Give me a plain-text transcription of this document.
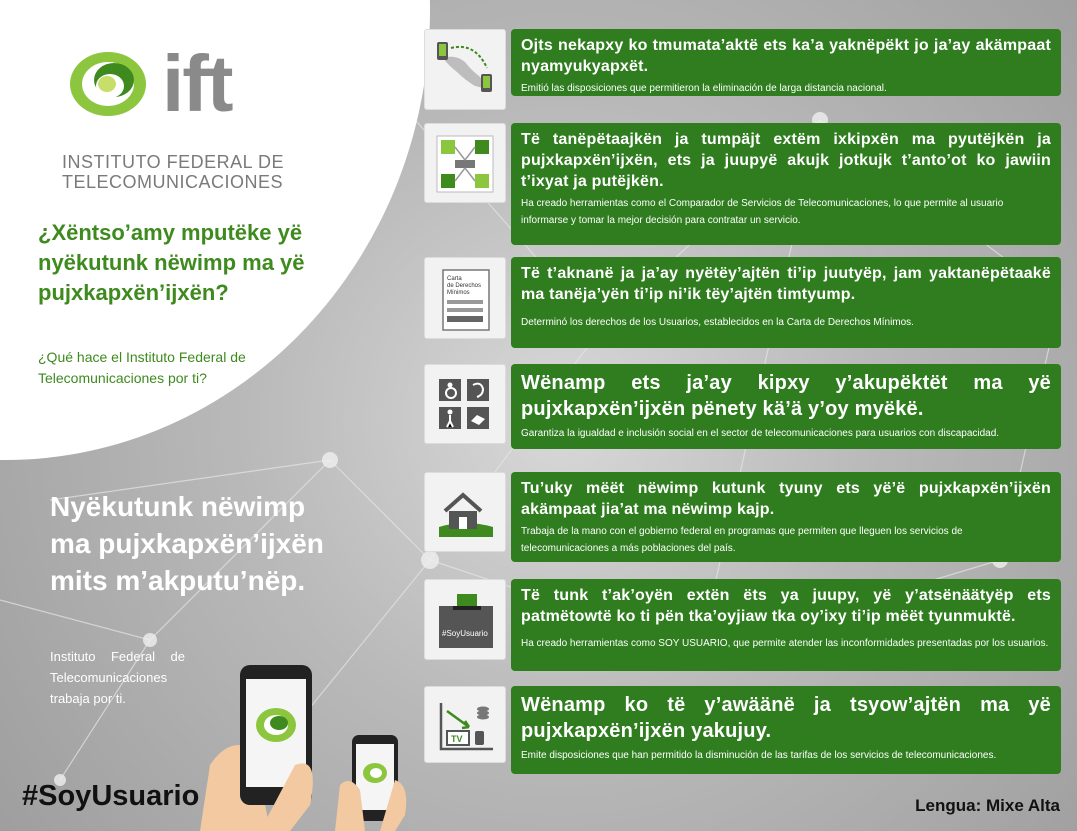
ift
INSTITUTO FEDERAL DE
TELECOMUNICACIONES
¿Xëntso’amy mputëke yë nyëkutunk nëwimp ma yë pujxkapxën’ijxën?
¿Qué hace el Instituto Federal de Telecomunicaciones por ti?
Nyëkutunk nëwimp ma pujxkapxën’ijxën mits m’akputu’nëp.
Instituto Federal de Telecomunicaciones trabaja por ti.
#SoyUsuario	Lengua: Mixe Alta
Ojts nekapxy ko tmumata’aktë ets ka’a yaknëpëkt jo ja’ay akämpaat nyamyukyapxët.
Emitió las disposiciones que permitieron la eliminación de larga distancia nacional.
Të tanëpëtaajkën ja tumpäjt extëm ixkipxën ma pyutëjkën ja pujxkapxën’ijxën, ets ja juupyë akujk jotkujk t’anto’ot ko jawiin t’ixyat ja putëjkën.
Ha creado herramientas como el Comparador de Servicios de Telecomunicaciones, lo que permite al usuario informarse y tomar la mejor decisión para contratar un servicio.
Carta
de Derechos
Mínimos
Të t’aknanë ja ja’ay nyëtëy’ajtën ti’ip juutyëp, jam yaktanëpëtaakë ma tanëja’yën ti’ip ni’ik tëy’ajtën timtyump.
Determinó los derechos de los Usuarios, establecidos en la Carta de Derechos Mínimos.
Wënamp ets ja’ay kipxy y’akupëktët ma yë pujxkapxën’ijxën pënety kä’ä y’oy myëkë.
Garantiza la igualdad e inclusión social en el sector de telecomunicaciones para usuarios con discapacidad.
Tu’uky mëët nëwimp kutunk tyuny ets yë’ë pujxkapxën’ijxën akämpaat jia’at ma nëwimp kajp.
Trabaja de la mano con el gobierno federal en programas que permiten que lleguen los servicios de telecomunicaciones a más poblaciones del país.
#SoyUsuario
Të tunk t’ak’oyën extën ëts ya juupy, yë y’atsënäätyëp ets patmëtowtë ko ti pën tka’oyjiaw tka oy’ixy ti’ip mëët tyunmuktë.
Ha creado herramientas como SOY USUARIO, que permite atender las inconformidades presentadas por los usuarios.
TV
Wënamp ko të y’awäänë ja tsyow’ajtën ma yë pujxkapxën’ijxën yakujuy.
Emite disposiciones que han permitido la disminución de las tarifas de los servicios de telecomunicaciones.
